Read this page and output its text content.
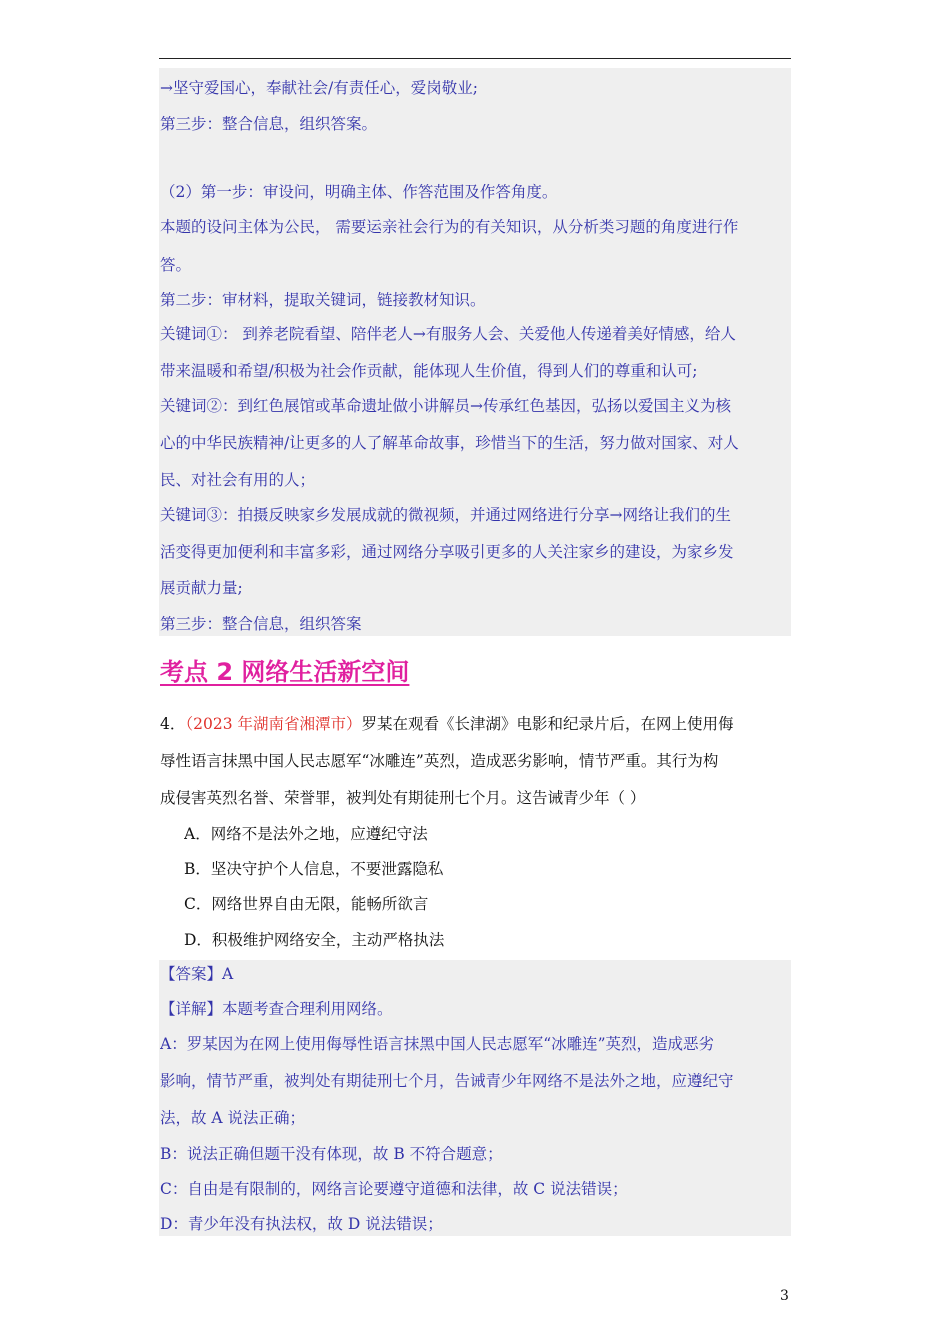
→坚守爱国心，奉献社会/有责任心，爱岗敬业;
第三步：整合信息，组织答案。
（2）第一步：审设问，明确主体、作答范围及作答角度。
本题的设问主体为公民， 需要运亲社会行为的有关知识，从分析类习题的角度进行作
答。
第二步：审材料，提取关键词，链接教材知识。
关键词①： 到养老院看望、陪伴老人→有服务人会、关爱他人传递着美好情感，给人
带来温暖和希望/积极为社会作贡献，能体现人生价值，得到人们的尊重和认可;
关键词②：到红色展馆或革命遗址做小讲解员→传承红色基因，弘扬以爱国主义为核
心的中华民族精神/让更多的人了解革命故事，珍惜当下的生活，努力做对国家、对人
民、对社会有用的人；
关键词③：拍摄反映家乡发展成就的微视频，并通过网络进行分享→网络让我们的生
活变得更加便利和丰富多彩，通过网络分享吸引更多的人关注家乡的建设，为家乡发
展贡献力量;
第三步：整合信息，组织答案
考点 2 网络生活新空间
4．（2023 年湖南省湘潭市）罗某在观看《长津湖》电影和纪录片后，在网上使用侮
辱性语言抹黑中国人民志愿军“冰雕连”英烈，造成恶劣影响，情节严重。其行为构
成侵害英烈名誉、荣誉罪，被判处有期徒刑七个月。这告诫青少年（ ）
A．网络不是法外之地，应遵纪守法
B．坚决守护个人信息，不要泄露隐私
C．网络世界自由无限，能畅所欲言
D．积极维护网络安全，主动严格执法
【答案】A
【详解】本题考查合理利用网络。
A：罗某因为在网上使用侮辱性语言抹黑中国人民志愿军“冰雕连”英烈，造成恶劣
影响，情节严重，被判处有期徒刑七个月，告诫青少年网络不是法外之地，应遵纪守
法，故 A 说法正确；
B：说法正确但题干没有体现，故 B 不符合题意；
C：自由是有限制的，网络言论要遵守道德和法律，故 C 说法错误；
D：青少年没有执法权，故 D 说法错误；
3
